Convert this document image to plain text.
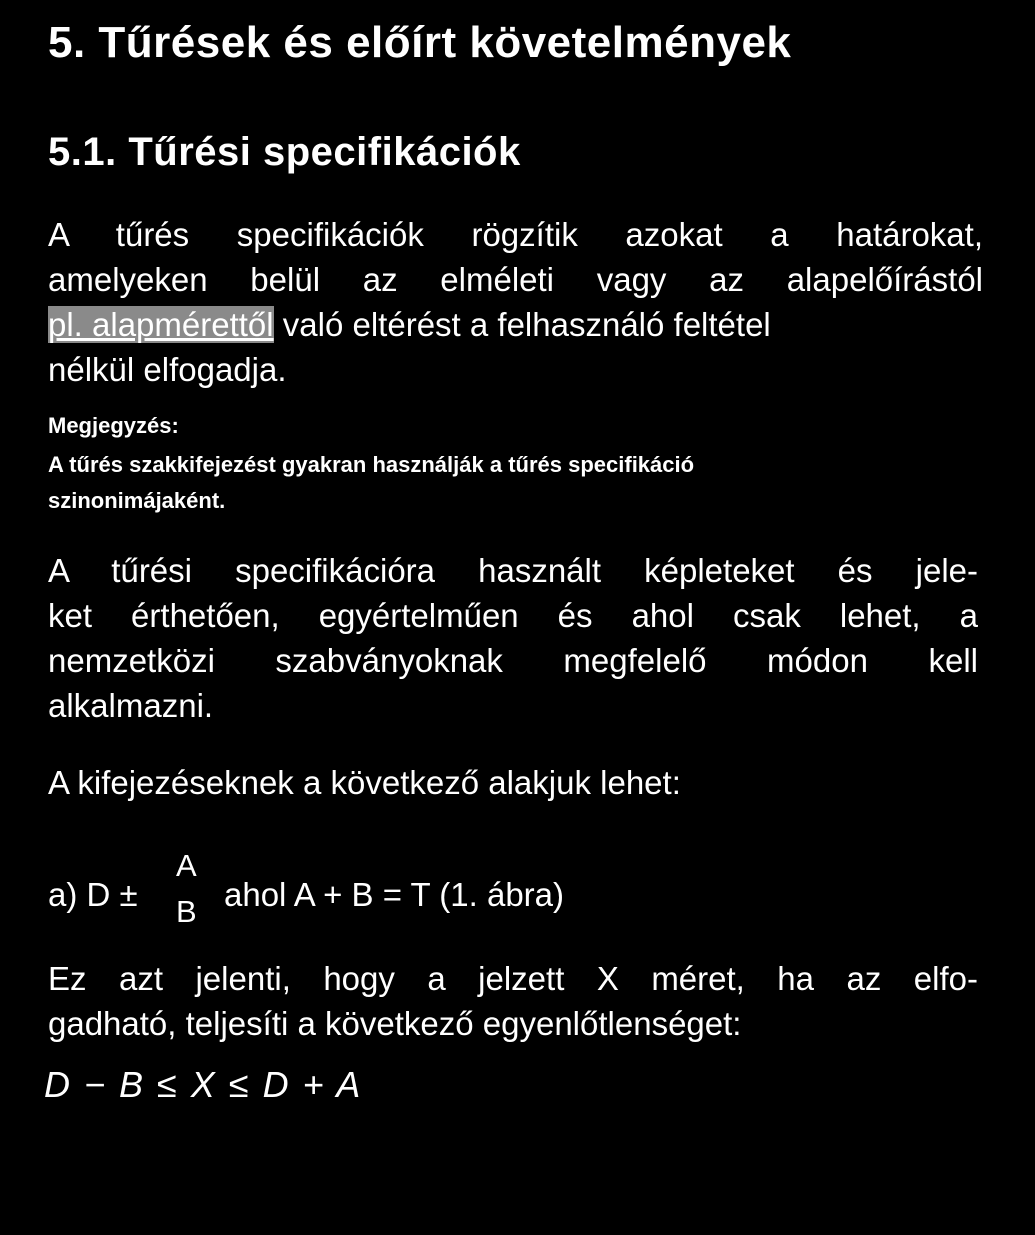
5. Tűrések és előírt követelmények
5.1. Tűrési specifikációk
A tűrés specifikációk rögzítik azokat a határokat,
amelyeken belül az elméleti vagy az alapelőírástól
pl. alapmérettől való eltérést a felhasználó feltétel
nélkül elfogadja.
Megjegyzés:
A tűrés szakkifejezést gyakran használják a tűrés specifikáció
szinonimájaként.
A tűrési specifikációra használt képleteket és jele-
ket érthetően, egyértelműen és ahol csak lehet, a
nemzetközi szabványoknak megfelelő módon kell
alkalmazni.
A kifejezéseknek a következő alakjuk lehet:
a) D ±
A
B ahol A + B = T (1. ábra)
Ez azt jelenti, hogy a jelzett X méret, ha az elfo-
gadható, teljesíti a következő egyenlőtlenséget:
D − B ≤ X ≤ D + A
